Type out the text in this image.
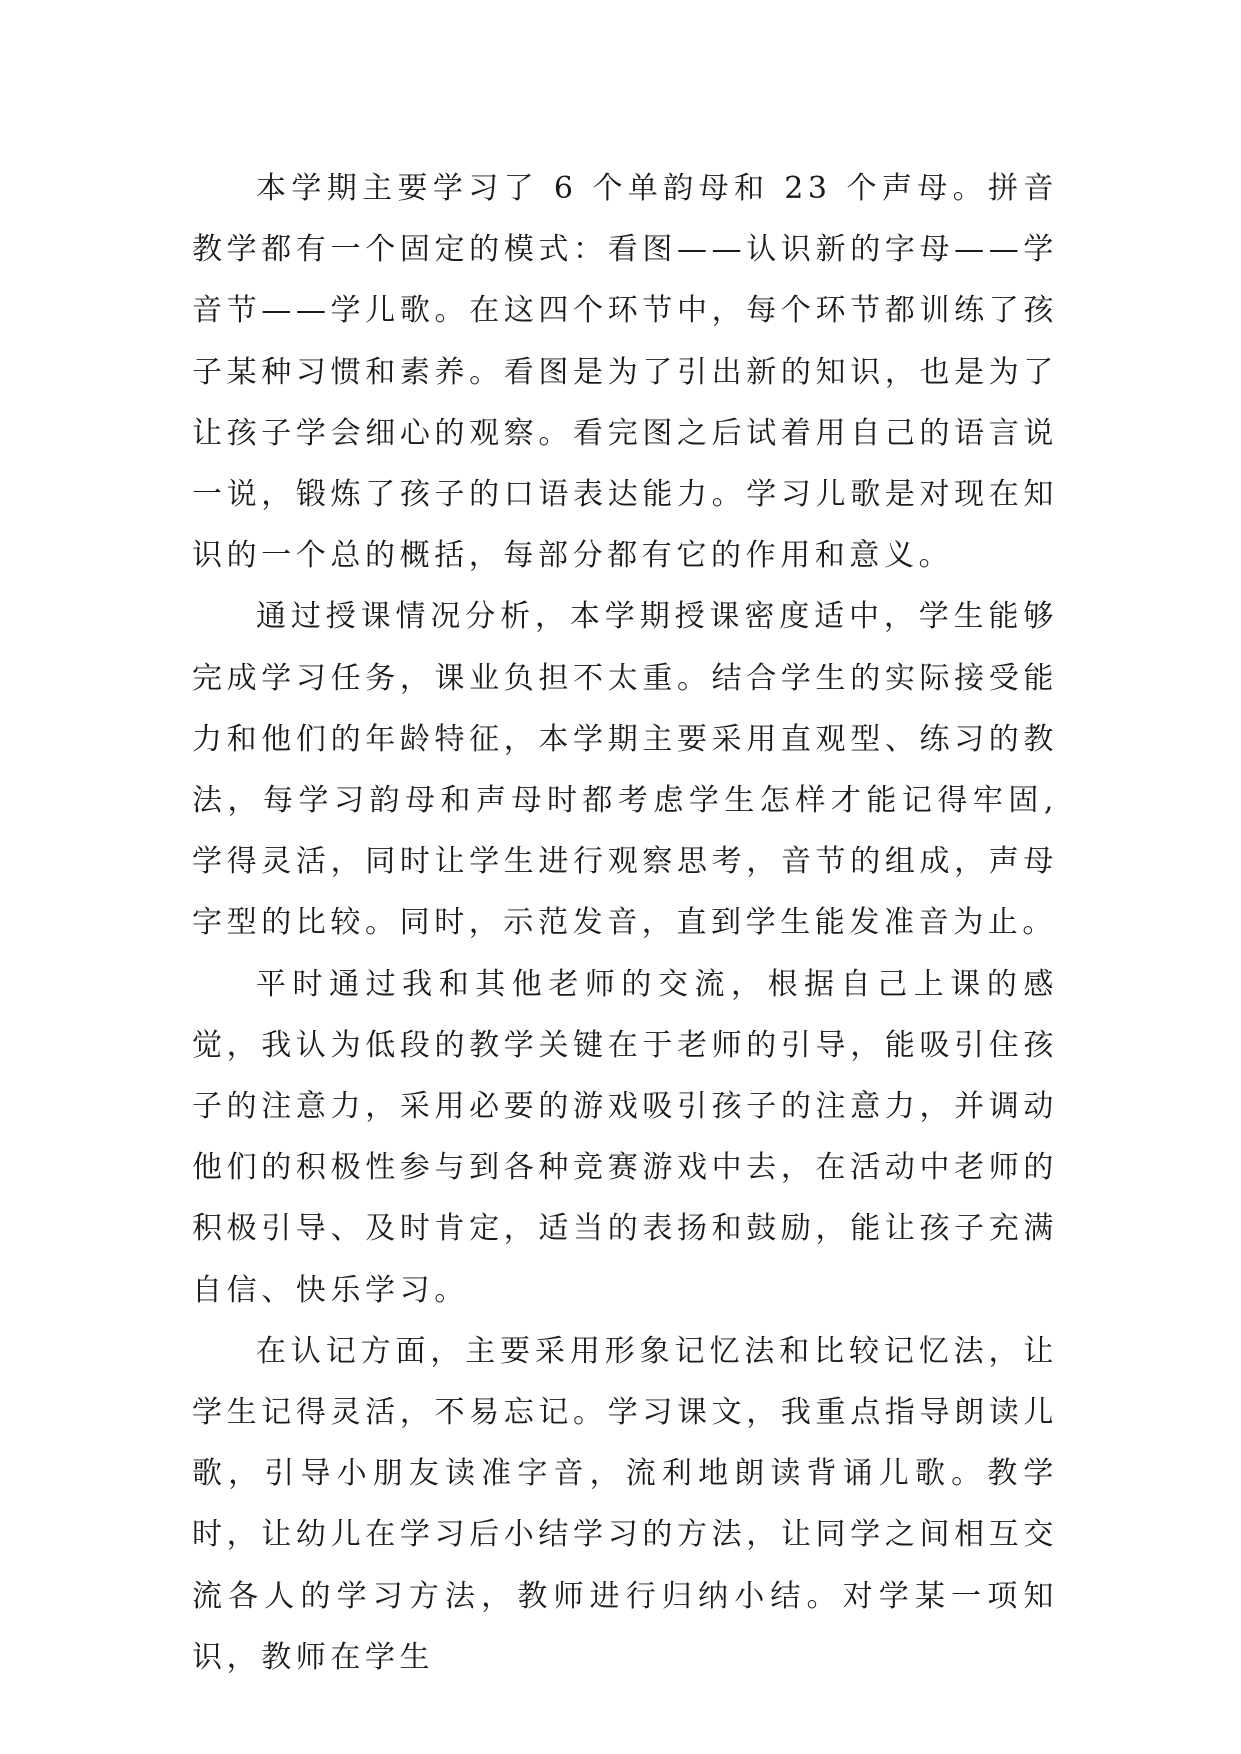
本学期主要学习了 6 个单韵母和 23 个声母。拼音教学都有一个固定的模式：看图——认识新的字母——学音节——学儿歌。在这四个环节中，每个环节都训练了孩子某种习惯和素养。看图是为了引出新的知识，也是为了让孩子学会细心的观察。看完图之后试着用自己的语言说一说，锻炼了孩子的口语表达能力。学习儿歌是对现在知识的一个总的概括，每部分都有它的作用和意义。

通过授课情况分析，本学期授课密度适中，学生能够完成学习任务，课业负担不太重。结合学生的实际接受能力和他们的年龄特征，本学期主要采用直观型、练习的教法，每学习韵母和声母时都考虑学生怎样才能记得牢固,学得灵活，同时让学生进行观察思考，音节的组成，声母字型的比较。同时，示范发音，直到学生能发准音为止。

平时通过我和其他老师的交流，根据自己上课的感觉，我认为低段的教学关键在于老师的引导，能吸引住孩子的注意力，采用必要的游戏吸引孩子的注意力，并调动他们的积极性参与到各种竞赛游戏中去，在活动中老师的积极引导、及时肯定，适当的表扬和鼓励，能让孩子充满自信、快乐学习。

在认记方面，主要采用形象记忆法和比较记忆法，让学生记得灵活，不易忘记。学习课文，我重点指导朗读儿歌，引导小朋友读准字音，流利地朗读背诵儿歌。教学时，让幼儿在学习后小结学习的方法，让同学之间相互交流各人的学习方法，教师进行归纳小结。对学某一项知识，教师在学生
